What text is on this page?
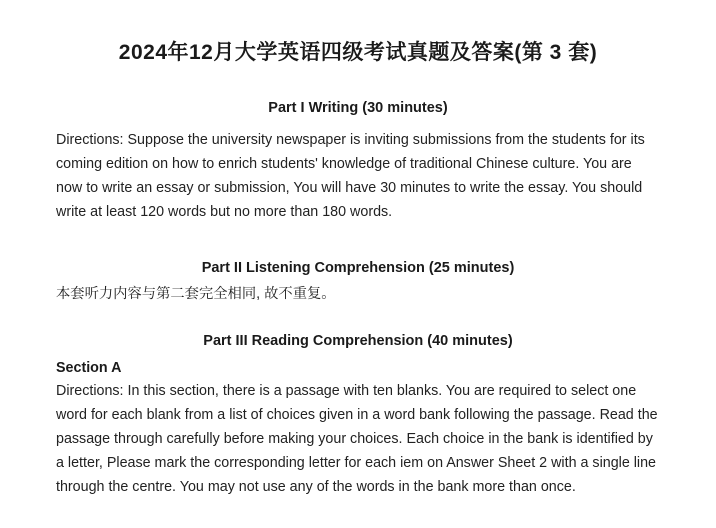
2024年12月大学英语四级考试真题及答案(第 3 套)
Part I Writing (30 minutes)

Directions: Suppose the university newspaper is inviting submissions from the students for its coming edition on how to enrich students' knowledge of traditional Chinese culture. You are now to write an essay or submission, You will have 30 minutes to write the essay. You should write at least 120 words but no more than 180 words.

Part II Listening Comprehension (25 minutes)

本套听力内容与第二套完全相同, 故不重复。

Part III Reading Comprehension (40 minutes)
Section A

Directions: In this section, there is a passage with ten blanks. You are required to select one word for each blank from a list of choices given in a word bank following the passage. Read the passage through carefully before making your choices. Each choice in the bank is identified by a letter, Please mark the corresponding letter for each iem on Answer Sheet 2 with a single line through the centre. You may not use any of the words in the bank more than once.
